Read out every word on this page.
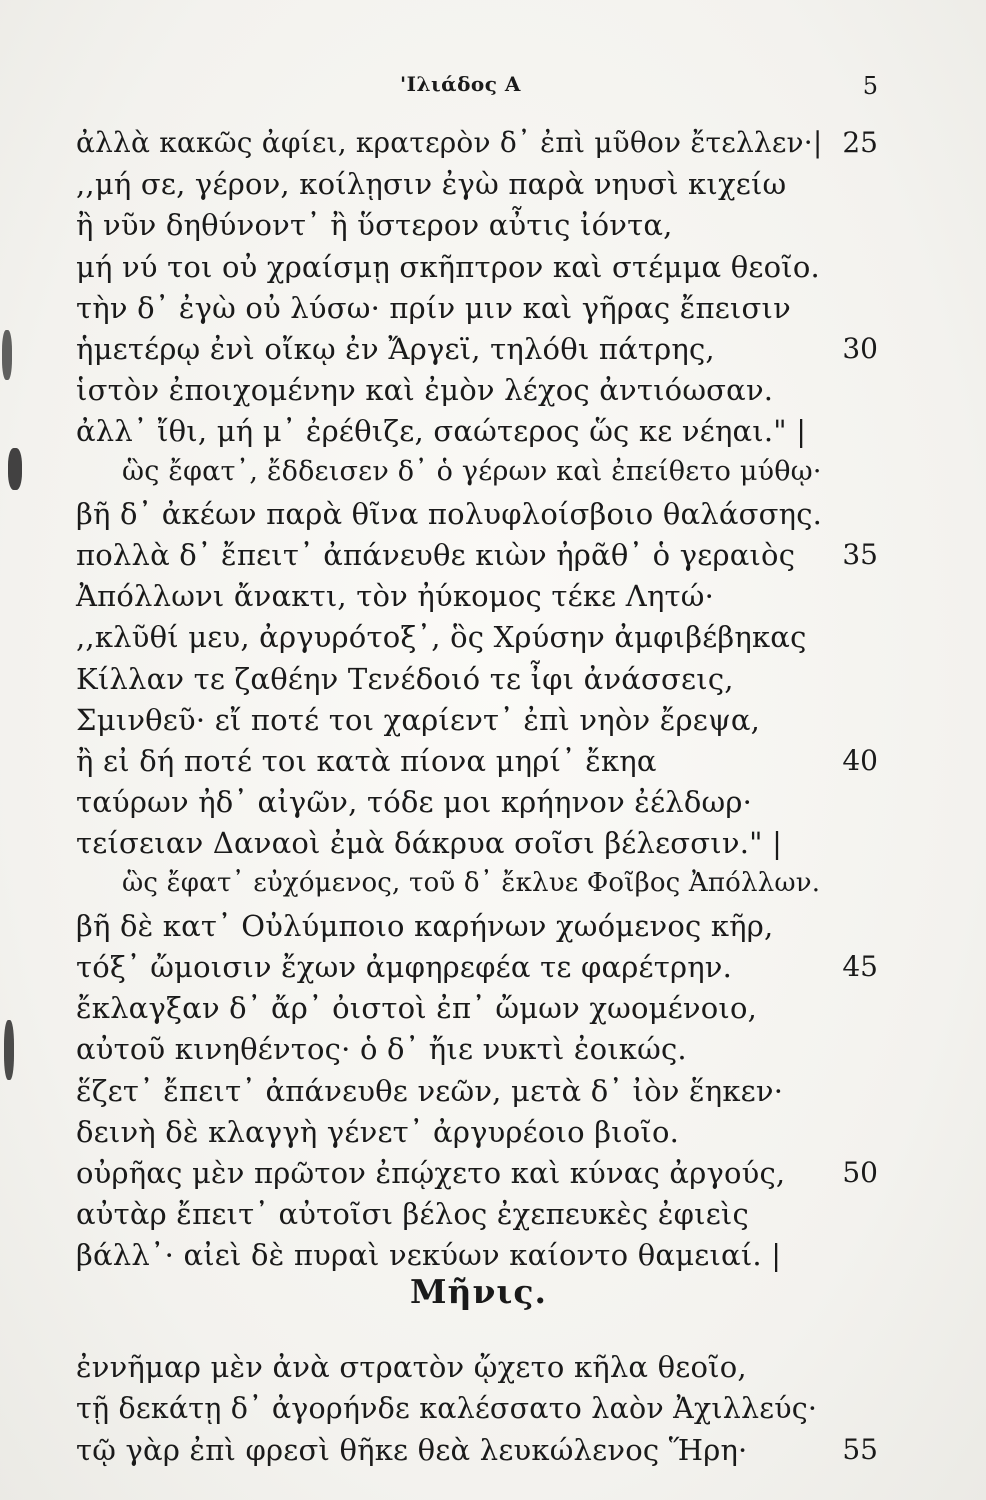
'Ιλιάδος Α	5
ἀλλὰ κακῶς ἀφίει, κρατερὸν δ᾽ ἐπὶ μῦθον ἔτελλεν·| 25
,,μή σε, γέρον, κοίλῃσιν ἐγὼ παρὰ νηυσὶ κιχείω
ἢ νῦν δηθύνοντ᾽ ἢ ὕστερον αὖτις ἰόντα,
μή νύ τοι οὐ χραίσμῃ σκῆπτρον καὶ στέμμα θεοῖο.
τὴν δ᾽ ἐγὼ οὐ λύσω· πρίν μιν καὶ γῆρας ἔπεισιν
ἡμετέρῳ ἐνὶ οἴκῳ ἐν Ἄργεϊ, τηλόθι πάτρης,	30
ἱστὸν ἐποιχομένην καὶ ἐμὸν λέχος ἀντιόωσαν.
ἀλλ᾽ ἴθι, μή μ᾽ ἐρέθιζε, σαώτερος ὥς κε νέηαι." |
ὣς ἔφατ᾽, ἔδδεισεν δ᾽ ὁ γέρων καὶ ἐπείθετο μύθῳ·
βῆ δ᾽ ἀκέων παρὰ θῖνα πολυφλοίσβοιο θαλάσσης.
πολλὰ δ᾽ ἔπειτ᾽ ἀπάνευθε κιὼν ἠρᾶθ᾽ ὁ γεραιὸς 35
Ἀπόλλωνι ἄνακτι, τὸν ἠύκομος τέκε Λητώ·
,,κλῦθί μευ, ἀργυρότοξ᾽, ὃς Χρύσην ἀμφιβέβηκας
Κίλλαν τε ζαθέην Τενέδοιό τε ἶφι ἀνάσσεις,
Σμινθεῦ· εἴ ποτέ τοι χαρίεντ᾽ ἐπὶ νηὸν ἔρεψα,
ἢ εἰ δή ποτέ τοι κατὰ πίονα μηρί᾽ ἔκηα	40
ταύρων ἠδ᾽ αἰγῶν, τόδε μοι κρήηνον ἐέλδωρ·
τείσειαν Δαναοὶ ἐμὰ δάκρυα σοῖσι βέλεσσιν." |
ὣς ἔφατ᾽ εὐχόμενος, τοῦ δ᾽ ἔκλυε Φοῖβος Ἀπόλλων.
βῆ δὲ κατ᾽ Οὐλύμποιο καρήνων χωόμενος κῆρ,
τόξ᾽ ὤμοισιν ἔχων ἀμφηρεφέα τε φαρέτρην.	45
ἔκλαγξαν δ᾽ ἄρ᾽ ὀιστοὶ ἐπ᾽ ὤμων χωομένοιο,
αὐτοῦ κινηθέντος· ὁ δ᾽ ἤιε νυκτὶ ἐοικώς.
ἕζετ᾽ ἔπειτ᾽ ἀπάνευθε νεῶν, μετὰ δ᾽ ἰὸν ἕηκεν·
δεινὴ δὲ κλαγγὴ γένετ᾽ ἀργυρέοιο βιοῖο.
οὐρῆας μὲν πρῶτον ἐπῴχετο καὶ κύνας ἀργούς, 50
αὐτὰρ ἔπειτ᾽ αὐτοῖσι βέλος ἐχεπευκὲς ἐφιεὶς
βάλλ᾽· αἰεὶ δὲ πυραὶ νεκύων καίοντο θαμειαί. |
Μῆνις.
ἐννῆμαρ μὲν ἀνὰ στρατὸν ᾤχετο κῆλα θεοῖο,
τῇ δεκάτῃ δ᾽ ἀγορήνδε καλέσσατο λαὸν Ἀχιλλεύς·
τῷ γὰρ ἐπὶ φρεσὶ θῆκε θεὰ λευκώλενος Ἥρη·	55
